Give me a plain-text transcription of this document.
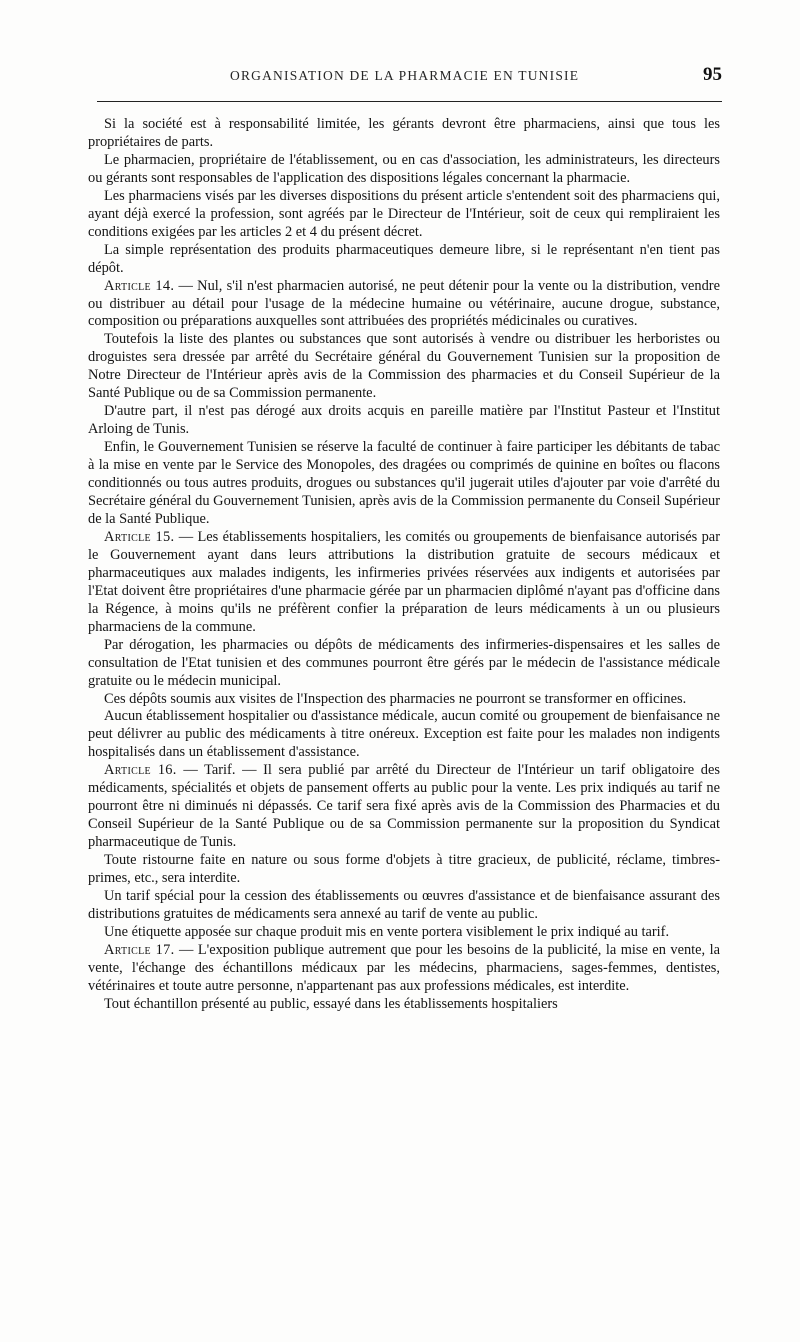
ORGANISATION DE LA PHARMACIE EN TUNISIE	95

Si la société est à responsabilité limitée, les gérants devront être pharmaciens, ainsi que tous les propriétaires de parts.

Le pharmacien, propriétaire de l'établissement, ou en cas d'association, les administrateurs, les directeurs ou gérants sont responsables de l'application des dispositions légales concernant la pharmacie.

Les pharmaciens visés par les diverses dispositions du présent article s'entendent soit des pharmaciens qui, ayant déjà exercé la profession, sont agréés par le Directeur de l'Intérieur, soit de ceux qui rempliraient les conditions exigées par les articles 2 et 4 du présent décret.

La simple représentation des produits pharmaceutiques demeure libre, si le représentant n'en tient pas dépôt.

Article 14. — Nul, s'il n'est pharmacien autorisé, ne peut détenir pour la vente ou la distribution, vendre ou distribuer au détail pour l'usage de la médecine humaine ou vétérinaire, aucune drogue, substance, composition ou préparations auxquelles sont attribuées des propriétés médicinales ou curatives.

Toutefois la liste des plantes ou substances que sont autorisés à vendre ou distribuer les herboristes ou droguistes sera dressée par arrêté du Secrétaire général du Gouvernement Tunisien sur la proposition de Notre Directeur de l'Intérieur après avis de la Commission des pharmacies et du Conseil Supérieur de la Santé Publique ou de sa Commission permanente.

D'autre part, il n'est pas dérogé aux droits acquis en pareille matière par l'Institut Pasteur et l'Institut Arloing de Tunis.

Enfin, le Gouvernement Tunisien se réserve la faculté de continuer à faire participer les débitants de tabac à la mise en vente par le Service des Monopoles, des dragées ou comprimés de quinine en boîtes ou flacons conditionnés ou tous autres produits, drogues ou substances qu'il jugerait utiles d'ajouter par voie d'arrêté du Secrétaire général du Gouvernement Tunisien, après avis de la Commission permanente du Conseil Supérieur de la Santé Publique.

Article 15. — Les établissements hospitaliers, les comités ou groupements de bienfaisance autorisés par le Gouvernement ayant dans leurs attributions la distribution gratuite de secours médicaux et pharmaceutiques aux malades indigents, les infirmeries privées réservées aux indigents et autorisées par l'Etat doivent être propriétaires d'une pharmacie gérée par un pharmacien diplômé n'ayant pas d'officine dans la Régence, à moins qu'ils ne préfèrent confier la préparation de leurs médicaments à un ou plusieurs pharmaciens de la commune.

Par dérogation, les pharmacies ou dépôts de médicaments des infirmeries-dispensaires et les salles de consultation de l'Etat tunisien et des communes pourront être gérés par le médecin de l'assistance médicale gratuite ou le médecin municipal.

Ces dépôts soumis aux visites de l'Inspection des pharmacies ne pourront se transformer en officines.

Aucun établissement hospitalier ou d'assistance médicale, aucun comité ou groupement de bienfaisance ne peut délivrer au public des médicaments à titre onéreux. Exception est faite pour les malades non indigents hospitalisés dans un établissement d'assistance.

Article 16. — Tarif. — Il sera publié par arrêté du Directeur de l'Intérieur un tarif obligatoire des médicaments, spécialités et objets de pansement offerts au public pour la vente. Les prix indiqués au tarif ne pourront être ni diminués ni dépassés. Ce tarif sera fixé après avis de la Commission des Pharmacies et du Conseil Supérieur de la Santé Publique ou de sa Commission permanente sur la proposition du Syndicat pharmaceutique de Tunis.

Toute ristourne faite en nature ou sous forme d'objets à titre gracieux, de publicité, réclame, timbres-primes, etc., sera interdite.

Un tarif spécial pour la cession des établissements ou œuvres d'assistance et de bienfaisance assurant des distributions gratuites de médicaments sera annexé au tarif de vente au public.

Une étiquette apposée sur chaque produit mis en vente portera visiblement le prix indiqué au tarif.

Article 17. — L'exposition publique autrement que pour les besoins de la publicité, la mise en vente, la vente, l'échange des échantillons médicaux par les médecins, pharmaciens, sages-femmes, dentistes, vétérinaires et toute autre personne, n'appartenant pas aux professions médicales, est interdite.

Tout échantillon présenté au public, essayé dans les établissements hospitaliers
